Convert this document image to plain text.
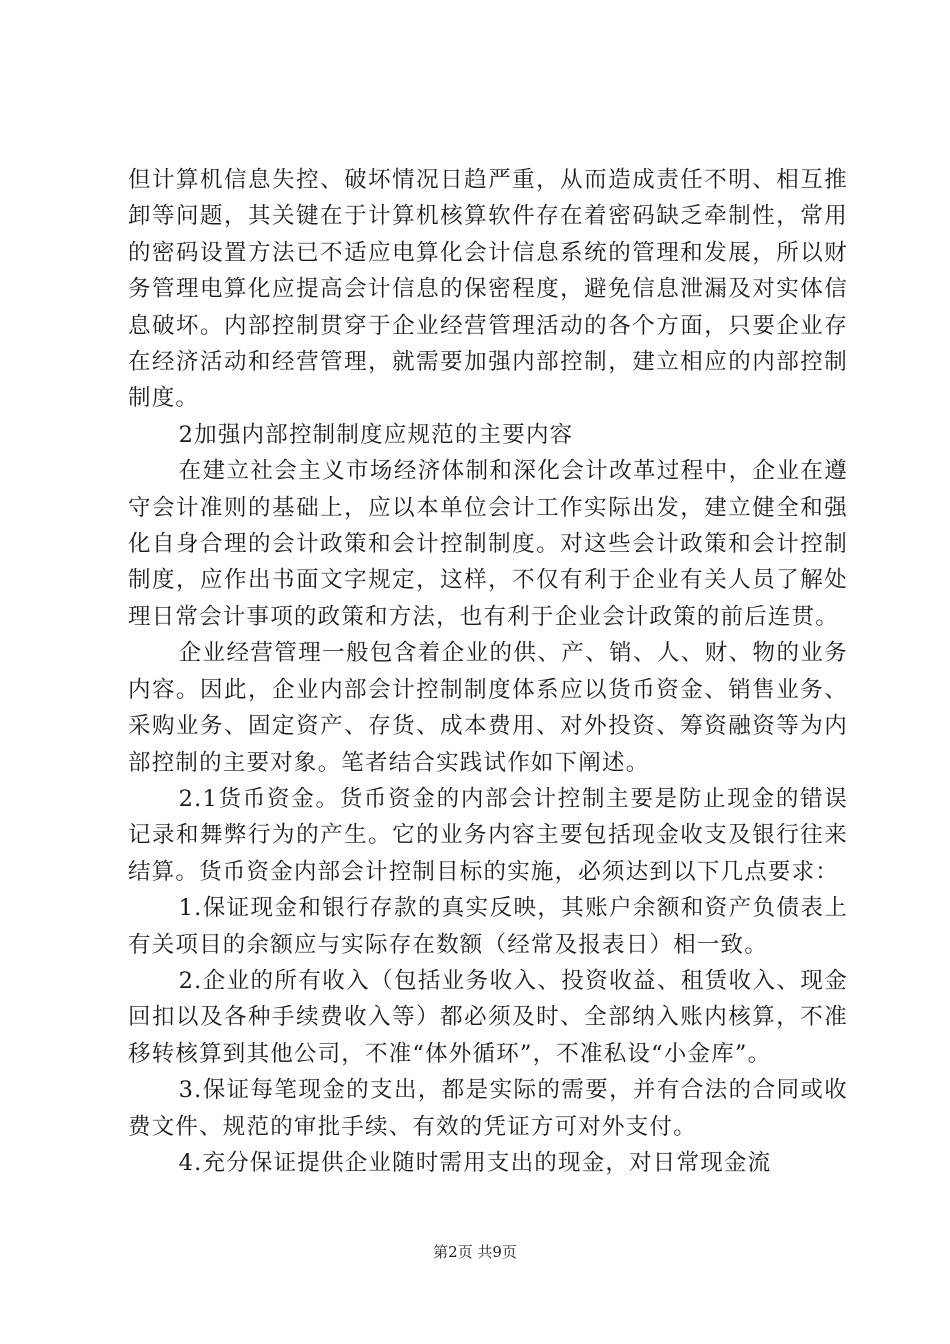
但计算机信息失控、破坏情况日趋严重，从而造成责任不明、相互推卸等问题，其关键在于计算机核算软件存在着密码缺乏牵制性，常用的密码设置方法已不适应电算化会计信息系统的管理和发展，所以财务管理电算化应提高会计信息的保密程度，避免信息泄漏及对实体信息破坏。内部控制贯穿于企业经营管理活动的各个方面，只要企业存在经济活动和经营管理，就需要加强内部控制，建立相应的内部控制制度。

2加强内部控制制度应规范的主要内容

在建立社会主义市场经济体制和深化会计改革过程中，企业在遵守会计准则的基础上，应以本单位会计工作实际出发，建立健全和强化自身合理的会计政策和会计控制制度。对这些会计政策和会计控制制度，应作出书面文字规定，这样，不仅有利于企业有关人员了解处理日常会计事项的政策和方法，也有利于企业会计政策的前后连贯。

企业经营管理一般包含着企业的供、产、销、人、财、物的业务内容。因此，企业内部会计控制制度体系应以货币资金、销售业务、采购业务、固定资产、存货、成本费用、对外投资、筹资融资等为内部控制的主要对象。笔者结合实践试作如下阐述。

2.1货币资金。货币资金的内部会计控制主要是防止现金的错误记录和舞弊行为的产生。它的业务内容主要包括现金收支及银行往来结算。货币资金内部会计控制目标的实施，必须达到以下几点要求：

1.保证现金和银行存款的真实反映，其账户余额和资产负债表上有关项目的余额应与实际存在数额（经常及报表日）相一致。

2.企业的所有收入（包括业务收入、投资收益、租赁收入、现金回扣以及各种手续费收入等）都必须及时、全部纳入账内核算，不准移转核算到其他公司，不准“体外循环”，不准私设“小金库”。

3.保证每笔现金的支出，都是实际的需要，并有合法的合同或收费文件、规范的审批手续、有效的凭证方可对外支付。

4.充分保证提供企业随时需用支出的现金，对日常现金流

第2页 共9页
